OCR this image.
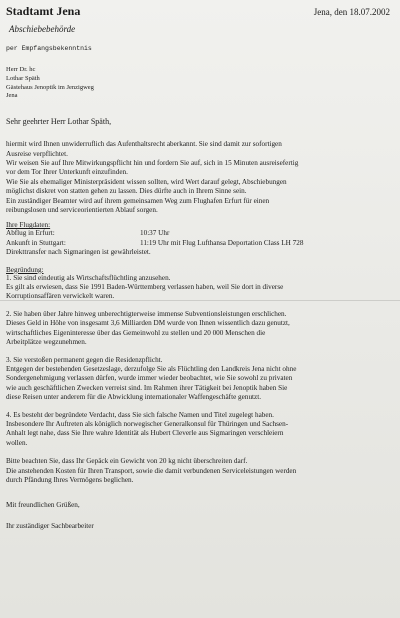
Stadtamt Jena	Jena, den 18.07.2002
Abschiebebehörde
per Empfangsbekenntnis
Herr Dr. hc
Lothar Späth
Gästehaus Jenoptik im Jenzigweg
Jena
Sehr geehrter Herr Lothar Späth,
hiermit wird Ihnen unwiderruflich das Aufenthaltsrecht aberkannt. Sie sind damit zur sofortigen
Ausreise verpflichtet.
Wir weisen Sie auf Ihre Mitwirkungspflicht hin und fordern Sie auf, sich in 15 Minuten ausreisefertig
vor dem Tor Ihrer Unterkunft einzufinden.
Wie Sie als ehemaliger Ministerpräsident wissen sollten, wird Wert darauf gelegt, Abschiebungen
möglichst diskret von statten gehen zu lassen. Dies dürfte auch in Ihrem Sinne sein.
Ein zuständiger Beamter wird auf ihrem gemeinsamen Weg zum Flughafen Erfurt für einen
reibungslosen und serviceorientierten Ablauf sorgen.
Ihre Flugdaten:
Abflug in Erfurt:	10:37 Uhr
Ankunft in Stuttgart:	11:19 Uhr mit Flug Lufthansa Deportation Class LH 728
Direkttransfer nach Sigmaringen ist gewährleistet.
Begründung:
1. Sie sind eindeutig als Wirtschaftsflüchtling anzusehen.
Es gilt als erwiesen, dass Sie 1991 Baden-Württemberg verlassen haben, weil Sie dort in diverse
Korruptionsaffären verwickelt waren.
2. Sie haben über Jahre hinweg unberechtigterweise immense Subventionsleistungen erschlichen.
Dieses Geld in Höhe von insgesamt 3,6 Milliarden DM wurde von Ihnen wissentlich dazu genutzt,
wirtschaftliches Eigeninteresse über das Gemeinwohl zu stellen und 20 000 Menschen die
Arbeitplätze wegzunehmen.
3. Sie verstoßen permanent gegen die Residenzpflicht.
Entgegen der bestehenden Gesetzeslage, derzufolge Sie als Flüchtling den Landkreis Jena nicht ohne
Sondergenehmigung verlassen dürfen, wurde immer wieder beobachtet, wie Sie sowohl zu privaten
wie auch geschäftlichen Zwecken verreist sind. Im Rahmen ihrer Tätigkeit bei Jenoptik haben Sie
diese Reisen unter anderem für die Abwicklung internationaler Waffengeschäfte genutzt.
4. Es besteht der begründete Verdacht, dass Sie sich falsche Namen und Titel zugelegt haben.
Insbesondere Ihr Auftreten als königlich norwegischer Generalkonsul für Thüringen und Sachsen-
Anhalt legt nahe, dass Sie Ihre wahre Identität als Hubert Cleverle aus Sigmaringen verschleiern
wollen.
Bitte beachten Sie, dass Ihr Gepäck ein Gewicht von 20 kg nicht überschreiten darf.
Die anstehenden Kosten für Ihren Transport, sowie die damit verbundenen Serviceleistungen werden
durch Pfändung Ihres Vermögens beglichen.
Mit freundlichen Grüßen,
Ihr zuständiger Sachbearbeiter
